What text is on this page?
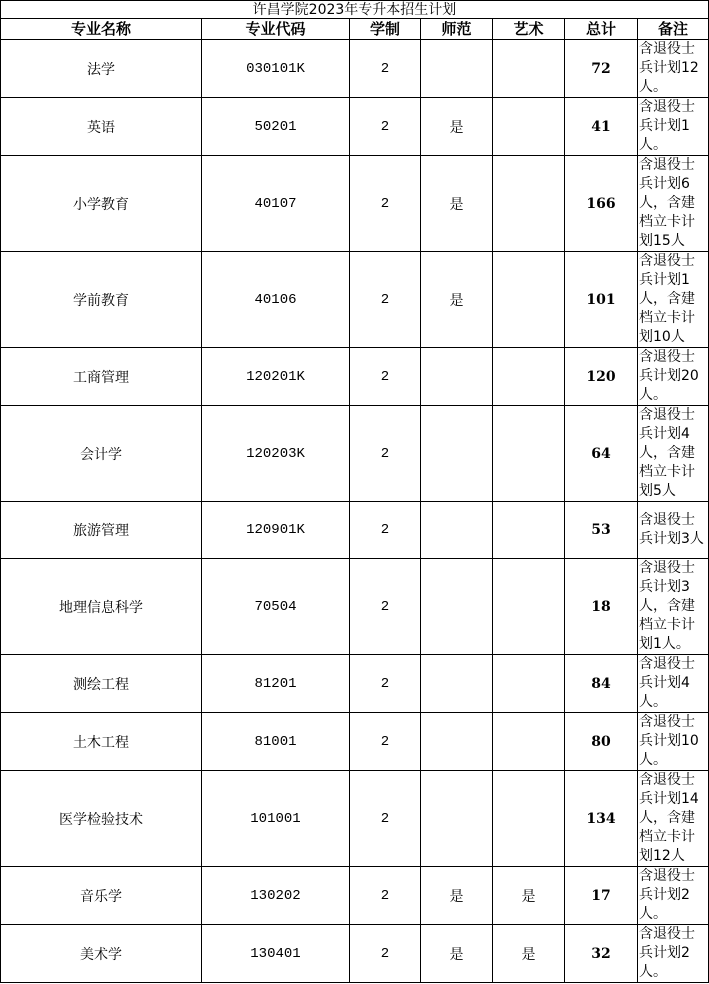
许昌学院2023年专升本招生计划						
专业名称	专业代码	学制	师范	艺术	总计	备注
法学	030101K	2			72	含退役士兵计划12人。

英语	50201	2	是		41	含退役士兵计划1人。

小学教育	40107	2	是		166	含退役士兵计划6人，含建档立卡计划15人

学前教育	40106	2	是		101	含退役士兵计划1人，含建档立卡计划10人

工商管理	120201K	2			120	含退役士兵计划20人。

会计学	120203K	2			64	含退役士兵计划4人，含建档立卡计划5人

旅游管理	120901K	2			53	含退役士兵计划3人

地理信息科学	70504	2			18	含退役士兵计划3人，含建档立卡计划1人。

测绘工程	81201	2			84	含退役士兵计划4人。

土木工程	81001	2			80	含退役士兵计划10人。

医学检验技术	101001	2			134	含退役士兵计划14人，含建档立卡计划12人

音乐学	130202	2	是	是	17	含退役士兵计划2人。

美术学	130401	2	是	是	32	含退役士兵计划2人。
